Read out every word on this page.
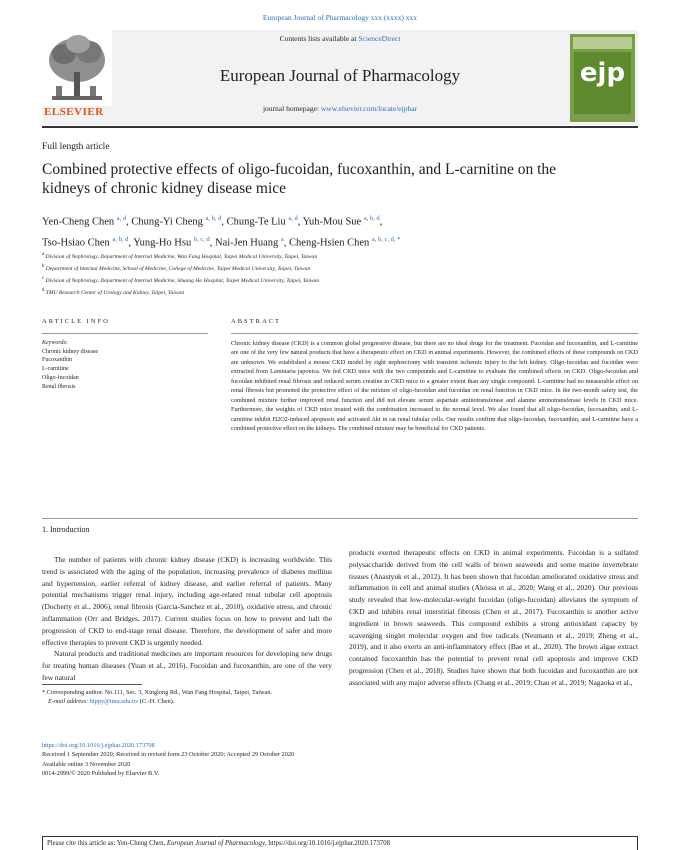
European Journal of Pharmacology xxx (xxxx) xxx
ELSEVIER
Contents lists available at ScienceDirect
European Journal of Pharmacology
journal homepage: www.elsevier.com/locate/ejphar
ejp
Full length article
Combined protective effects of oligo-fucoidan, fucoxanthin, and L-carnitine on the kidneys of chronic kidney disease mice
Yen-Cheng Chen $^{a, d}$, Chung-Yi Cheng $^{a, b, d}$, Chung-Te Liu $^{a, d}$, Yuh-Mou Sue $^{a, b, d}$,
Tso-Hsiao Chen $^{a, b, d}$, Yung-Ho Hsu $^{b, c, d}$, Nai-Jen Huang $^a$, Cheng-Hsien Chen $^{a, b, c, d, *}$
$^a$ Division of Nephrology, Department of Internal Medicine, Wan Fang Hospital, Taipei Medical University, Taipei, Taiwan
$^b$ Department of Internal Medicine, School of Medicine, College of Medicine, Taipei Medical University, Taipei, Taiwan
$^c$ Division of Nephrology, Department of Internal Medicine, Shuang Ho Hospital, Taipei Medical University, Taipei, Taiwan
$^d$ TMU Research Center of Urology and Kidney, Taipei, Taiwan
ARTICLE INFO	ABSTRACT
Keywords:
Chronic kidney disease
Fucoxanthin
L-carnitine
Oligo-fucoidan
Renal fibrosis
Chronic kidney disease (CKD) is a common global progressive disease, but there are no ideal drugs for the treatment. Fucoidan and fucoxanthin, and L-carnitine are one of the very few natural products that have a therapeutic effect on CKD in animal experiments. However, the combined effects of these compounds on CKD are unknown. We established a mouse CKD model by right nephrectomy with transient ischemic injury to the left kidney. Oligo-fucoidan and fucoidan were extracted from Laminaria japonica. We fed CKD mice with the two compounds and L-carnitine to evaluate the combined effects on CKD. Oligo-fucoidan and fucoidan inhibited renal fibrosis and reduced serum creatine in CKD mice to a greater extent than any single compound. L-carnitine had no measurable effect on renal fibrosis but promoted the protective effect of the mixture of oligo-fucoidan and fucoidan on renal function in CKD mice. In the two-month safety test, the combined mixture further improved renal function and did not elevate serum aspartate aminotransferase and alanine aminotransferase levels in CKD mice. Furthermore, the weights of CKD mice treated with the combination increased to the normal level. We also found that all oligo-fucoidan, fucoxanthin, and L-carnitine inhibit H2O2-induced apoptosis and activated Akt in rat renal tubular cells. Our results confirm that oligo-fucoidan, fucoxanthin, and L-carnitine have a combined protective effect on the kidneys. The combined mixture may be beneficial for CKD patients.
1. Introduction

The number of patients with chronic kidney disease (CKD) is increasing worldwide. This trend is associated with the aging of the population, increasing prevalence of diabetes mellitus and hypertension, earlier referral of kidney disease, and earlier referral of patients. Many potential mechanisms trigger renal injury, including age-related renal tubular cell apoptosis (Docherty et al., 2006), renal fibrosis (Garcia-Sanchez et al., 2010), oxidative stress, and chronic inflammation (Orr and Bridges, 2017). Current studies focus on how to prevent and halt the progression of CKD to end-stage renal disease. Therefore, the development of safer and more effective therapies to prevent CKD is urgently needed.

Natural products and traditional medicines are important resources for developing new drugs for treating human diseases (Yuan et al., 2016). Fucoidan and fucoxanthin, are one of the very few natural

products exerted therapeutic effects on CKD in animal experiments. Fucoidan is a sulfated polysaccharide derived from the cell walls of brown seaweeds and some marine invertebrate tissues (Anastyuk et al., 2012). It has been shown that fucoidan ameliorated oxidative stress and inflammation in cell and animal studies (Aleissa et al., 2020; Wang et al., 2020). Our previous study revealed that low-molecular-weight fucoidan (oligo-fucoidan) alleviates the symptom of CKD and inhibits renal interstitial fibrosis (Chen et al., 2017). Fucoxanthin is another active ingredient in brown seaweeds. This compound exhibits a strong antioxidant capacity by scavenging singlet molecular oxygen and free radicals (Neumann et al., 2019; Zheng et al., 2019), and it also exerts an anti-inflammatory effect (Bae et al., 2020). The brown algae extract contained fucoxanthin has the potential to prevent renal cell apoptosis and improve CKD progression (Chen et al., 2018). Studies have shown that both fucoidan and fucoxanthin are not associated with any major adverse effects (Chang et al., 2019; Chau et al., 2019; Nagaoka et al.,

* Corresponding author. No.111, Sec. 3, Xinglong Rd., Wan Fang Hospital, Taipei, Taiwan.
E-mail address: hippy@tmu.edu.tw (C.-H. Chen).
https://doi.org/10.1016/j.ejphar.2020.173708
Received 1 September 2020; Received in revised form 23 October 2020; Accepted 29 October 2020
Available online 3 November 2020
0014-2999/© 2020 Published by Elsevier B.V.
Please cite this article as: Yen-Cheng Chen, European Journal of Pharmacology, https://doi.org/10.1016/j.ejphar.2020.173708
